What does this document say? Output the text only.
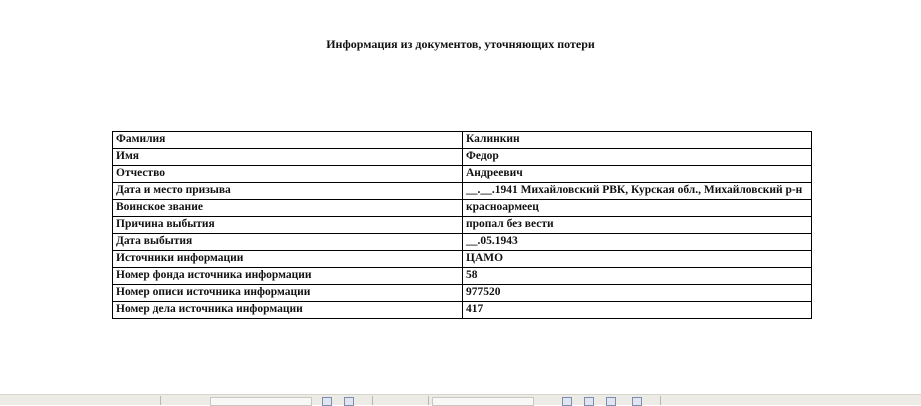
Информация из документов, уточняющих потери
Фамилия	Калинкин
Имя	Федор
Отчество	Андреевич
Дата и место призыва	__.__.1941 Михайловский РВК, Курская обл., Михайловский р-н
Воинское звание	красноармеец
Причина выбытия	пропал без вести
Дата выбытия	__.05.1943
Источники информации	ЦАМО
Номер фонда источника информации	58
Номер описи источника информации	977520
Номер дела источника информации	417
